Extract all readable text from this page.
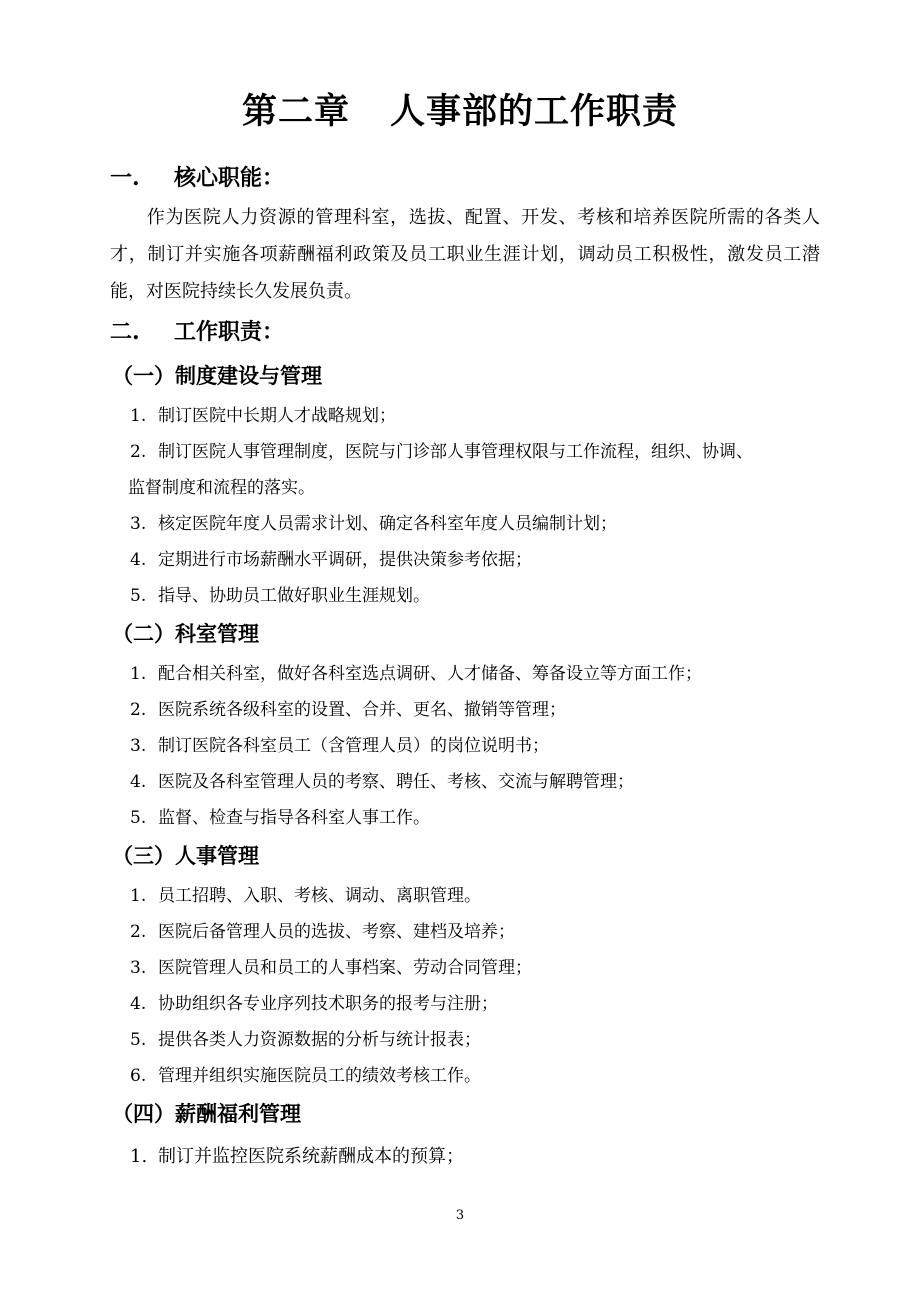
第二章 人事部的工作职责
一. 核心职能：
作为医院人力资源的管理科室，选拔、配置、开发、考核和培养医院所需的各类人才，制订并实施各项薪酬福利政策及员工职业生涯计划，调动员工积极性，激发员工潜能，对医院持续长久发展负责。
二. 工作职责：
（一）制度建设与管理
1. 制订医院中长期人才战略规划；
2. 制订医院人事管理制度，医院与门诊部人事管理权限与工作流程，组织、协调、
监督制度和流程的落实。
3. 核定医院年度人员需求计划、确定各科室年度人员编制计划；
4. 定期进行市场薪酬水平调研，提供决策参考依据；
5. 指导、协助员工做好职业生涯规划。
（二）科室管理
1. 配合相关科室，做好各科室选点调研、人才储备、筹备设立等方面工作；
2. 医院系统各级科室的设置、合并、更名、撤销等管理；
3. 制订医院各科室员工（含管理人员）的岗位说明书；
4. 医院及各科室管理人员的考察、聘任、考核、交流与解聘管理；
5. 监督、检查与指导各科室人事工作。
（三）人事管理
1. 员工招聘、入职、考核、调动、离职管理。
2. 医院后备管理人员的选拔、考察、建档及培养；
3. 医院管理人员和员工的人事档案、劳动合同管理；
4. 协助组织各专业序列技术职务的报考与注册；
5. 提供各类人力资源数据的分析与统计报表；
6. 管理并组织实施医院员工的绩效考核工作。
（四）薪酬福利管理
1. 制订并监控医院系统薪酬成本的预算；
3
